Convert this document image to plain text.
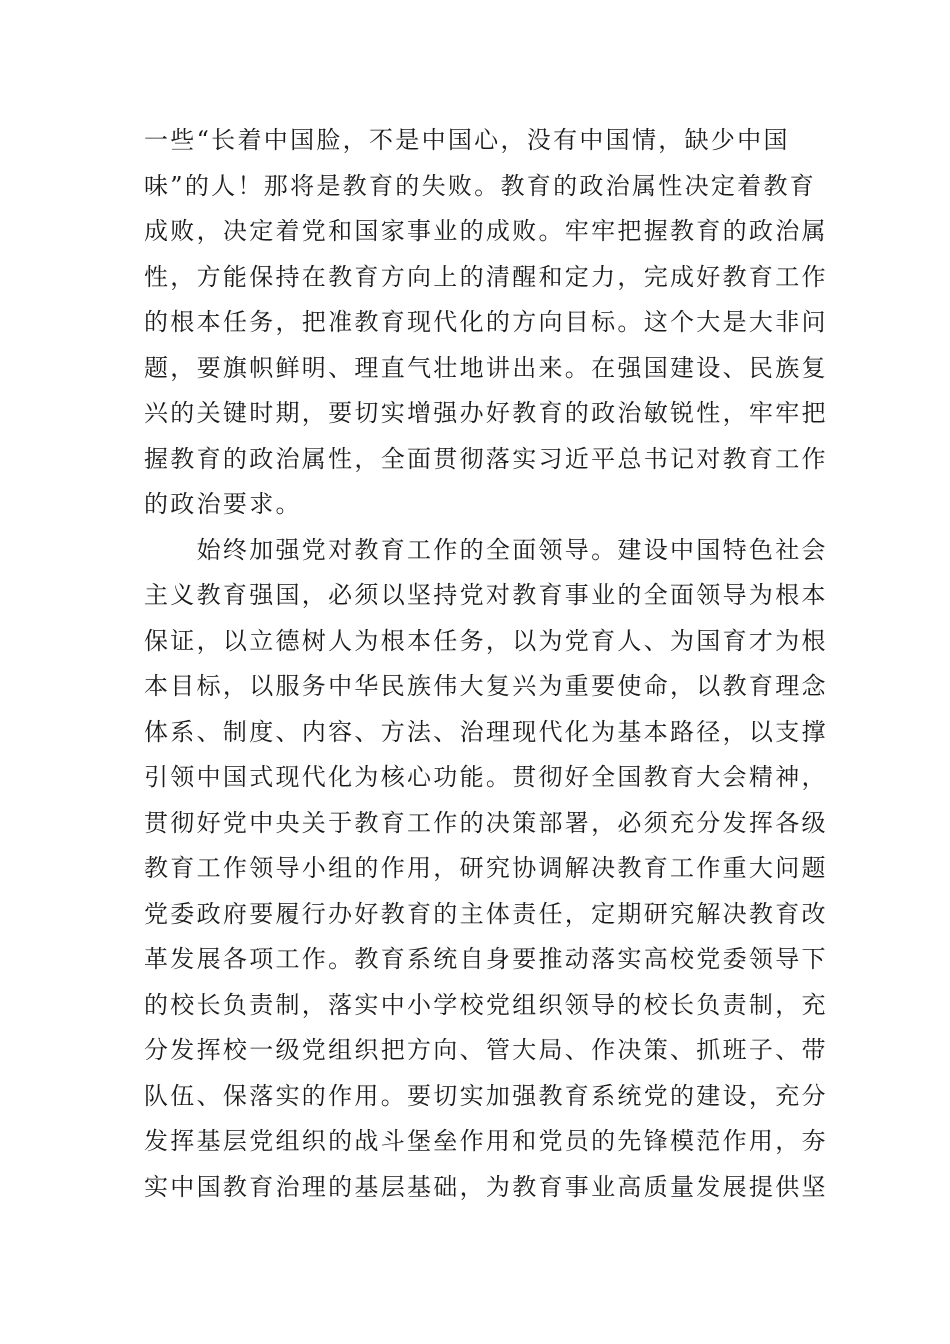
一些“长着中国脸，不是中国心，没有中国情，缺少中国
味”的人！那将是教育的失败。教育的政治属性决定着教育
成败，决定着党和国家事业的成败。牢牢把握教育的政治属
性，方能保持在教育方向上的清醒和定力，完成好教育工作
的根本任务，把准教育现代化的方向目标。这个大是大非问
题，要旗帜鲜明、理直气壮地讲出来。在强国建设、民族复
兴的关键时期，要切实增强办好教育的政治敏锐性，牢牢把
握教育的政治属性，全面贯彻落实习近平总书记对教育工作
的政治要求。
　　始终加强党对教育工作的全面领导。建设中国特色社会
主义教育强国，必须以坚持党对教育事业的全面领导为根本
保证，以立德树人为根本任务，以为党育人、为国育才为根
本目标，以服务中华民族伟大复兴为重要使命，以教育理念
体系、制度、内容、方法、治理现代化为基本路径，以支撑
引领中国式现代化为核心功能。贯彻好全国教育大会精神，
贯彻好党中央关于教育工作的决策部署，必须充分发挥各级
教育工作领导小组的作用，研究协调解决教育工作重大问题
党委政府要履行办好教育的主体责任，定期研究解决教育改
革发展各项工作。教育系统自身要推动落实高校党委领导下
的校长负责制，落实中小学校党组织领导的校长负责制，充
分发挥校一级党组织把方向、管大局、作决策、抓班子、带
队伍、保落实的作用。要切实加强教育系统党的建设，充分
发挥基层党组织的战斗堡垒作用和党员的先锋模范作用，夯
实中国教育治理的基层基础，为教育事业高质量发展提供坚
